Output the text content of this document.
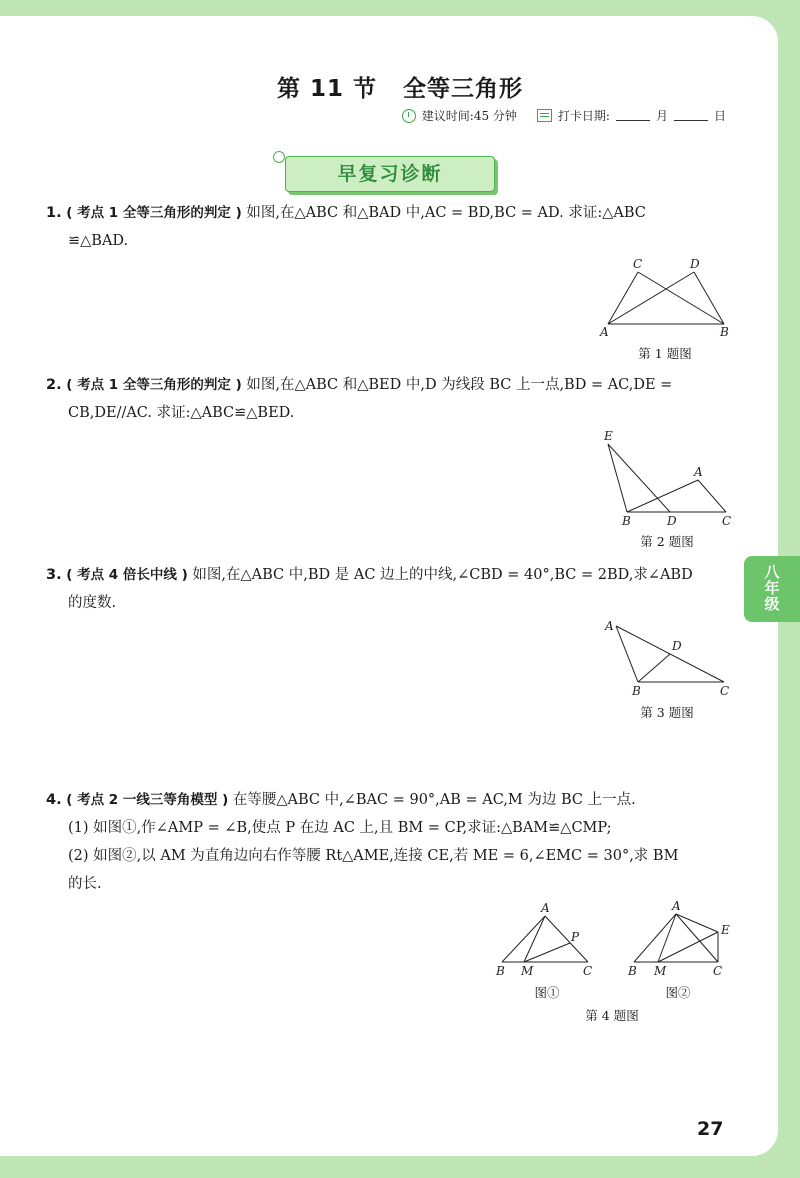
第 11 节 全等三角形
建议时间:45 分钟	打卡日期:	月	日
早复习诊断
1. ( 考点 1 全等三角形的判定 ) 如图,在△ABC 和△BAD 中,AC = BD,BC = AD. 求证:△ABC

≌△BAD.
C	D
A	B
第 1 题图
2. ( 考点 1 全等三角形的判定 ) 如图,在△ABC 和△BED 中,D 为线段 BC 上一点,BD = AC,DE =

CB,DE//AC. 求证:△ABC≌△BED.
E
A
B	D	C
第 2 题图
3. ( 考点 4 倍长中线 ) 如图,在△ABC 中,BD 是 AC 边上的中线,∠CBD = 40°,BC = 2BD,求∠ABD

的度数.
A
D
B	C
第 3 题图
4. ( 考点 2 一线三等角模型 ) 在等腰△ABC 中,∠BAC = 90°,AB = AC,M 为边 BC 上一点.

(1) 如图①,作∠AMP = ∠B,使点 P 在边 AC 上,且 BM = CP,求证:△BAM≌△CMP;
(2) 如图②,以 AM 为直角边向右作等腰 Rt△AME,连接 CE,若 ME = 6,∠EMC = 30°,求 BM
的长.
A
P
B M	C
图①
A
E
B M	C
图②
第 4 题图
八
年
级
27
